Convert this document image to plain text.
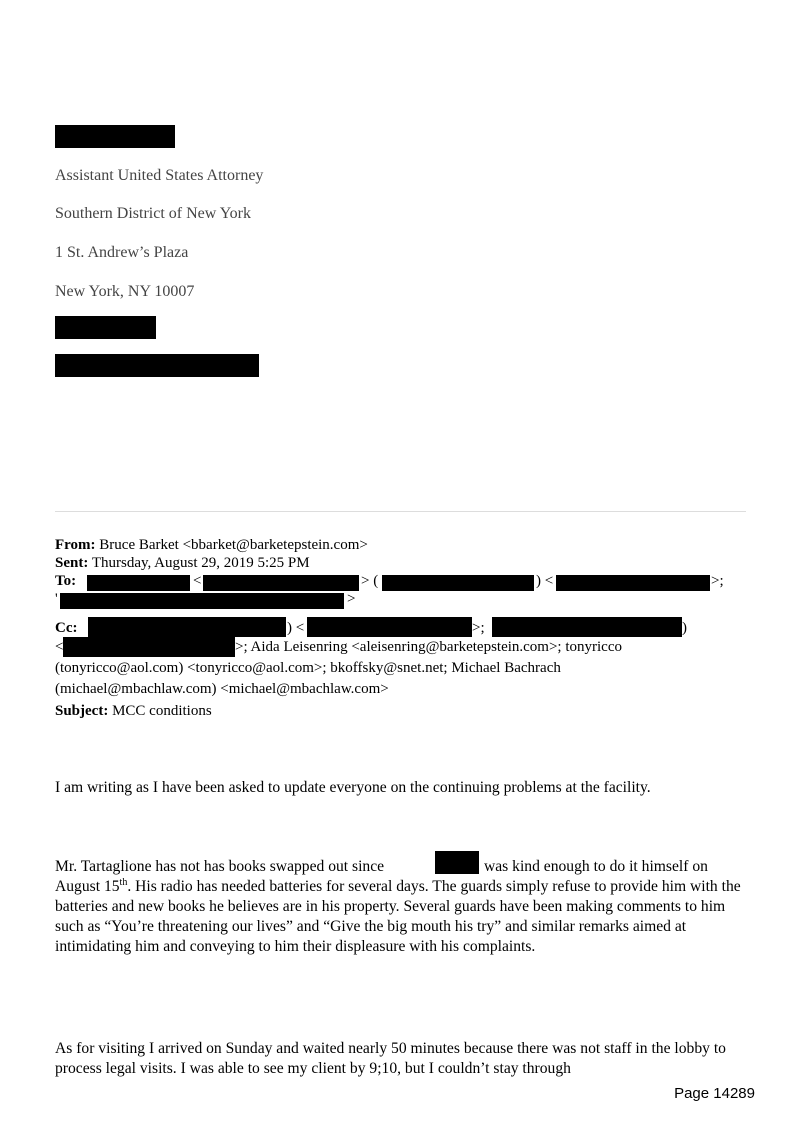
Assistant United States Attorney
Southern District of New York
1 St. Andrew’s Plaza
New York, NY 10007
From: Bruce Barket <bbarket@barketepstein.com>
Sent: Thursday, August 29, 2019 5:25 PM
To:	<	> (	) <	>;
'	>
Cc:	) <	>;	)
<	>; Aida Leisenring <aleisenring@barketepstein.com>; tonyricco
(tonyricco@aol.com) <tonyricco@aol.com>; bkoffsky@snet.net; Michael Bachrach
(michael@mbachlaw.com) <michael@mbachlaw.com>
Subject: MCC conditions
I am writing as I have been asked to update everyone on the continuing problems at the facility.
Mr. Tartaglione has not has books swapped out since	was kind enough to do it himself on
August 15th. His radio has needed batteries for several days. The guards simply refuse to provide him with the batteries and new books he believes are in his property. Several guards have been making comments to him such as “You’re threatening our lives” and “Give the big mouth his try” and similar remarks aimed at intimidating him and conveying to him their displeasure with his complaints.
As for visiting I arrived on Sunday and waited nearly 50 minutes because there was not staff in the lobby to process legal visits. I was able to see my client by 9;10, but I couldn’t stay through
Page 14289
